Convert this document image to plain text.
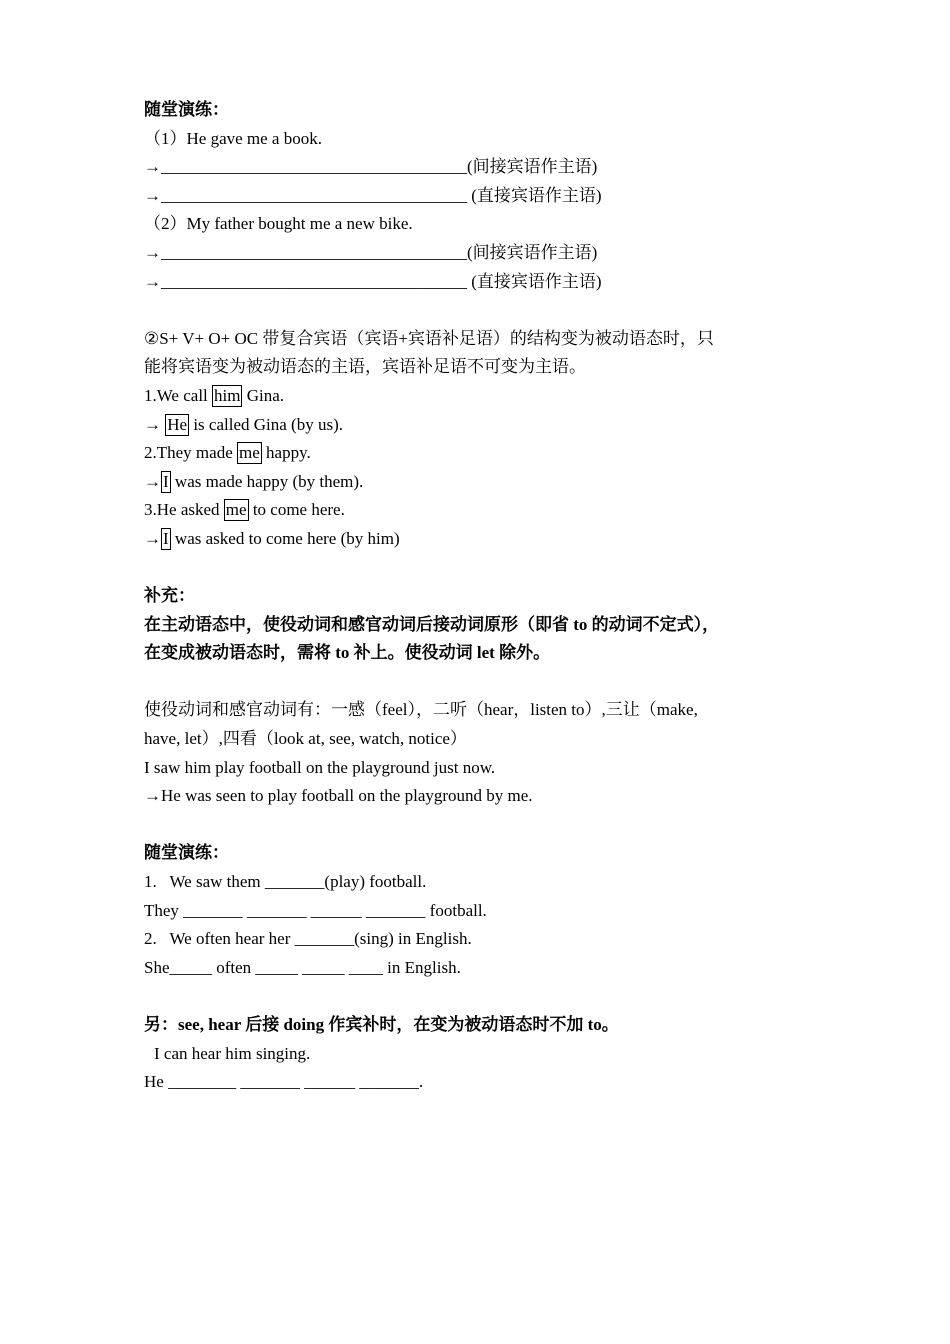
随堂演练：
（1）He gave me a book.
→____________________________________(间接宾语作主语)
→____________________________________ (直接宾语作主语)
（2）My father bought me a new bike.
→____________________________________(间接宾语作主语)
→____________________________________ (直接宾语作主语)
②S+ V+ O+ OC 带复合宾语（宾语+宾语补足语）的结构变为被动语态时，只
能将宾语变为被动语态的主语，宾语补足语不可变为主语。
1.We call him Gina.
→ He is called Gina (by us).
2.They made me happy.
→ I was made happy (by them).
3.He asked me to come here.
→ I was asked to come here (by him)
补充：
在主动语态中，使役动词和感官动词后接动词原形（即省 to 的动词不定式），
在变成被动语态时，需将 to 补上。使役动词 let 除外。
使役动词和感官动词有：一感（feel），二听（hear，listen to）,三让（make,
have, let）,四看（look at, see, watch, notice）
I saw him play football on the playground just now.
→He was seen to play football on the playground by me.
随堂演练：
1.   We saw them _______(play) football.
They _______ _______ ______ _______ football.
2.   We often hear her _______(sing) in English.
She_____ often _____ _____ ____ in English.
另：see, hear 后接 doing 作宾补时，在变为被动语态时不加 to。
I can hear him singing.
He ________ _______ ______ _______.
